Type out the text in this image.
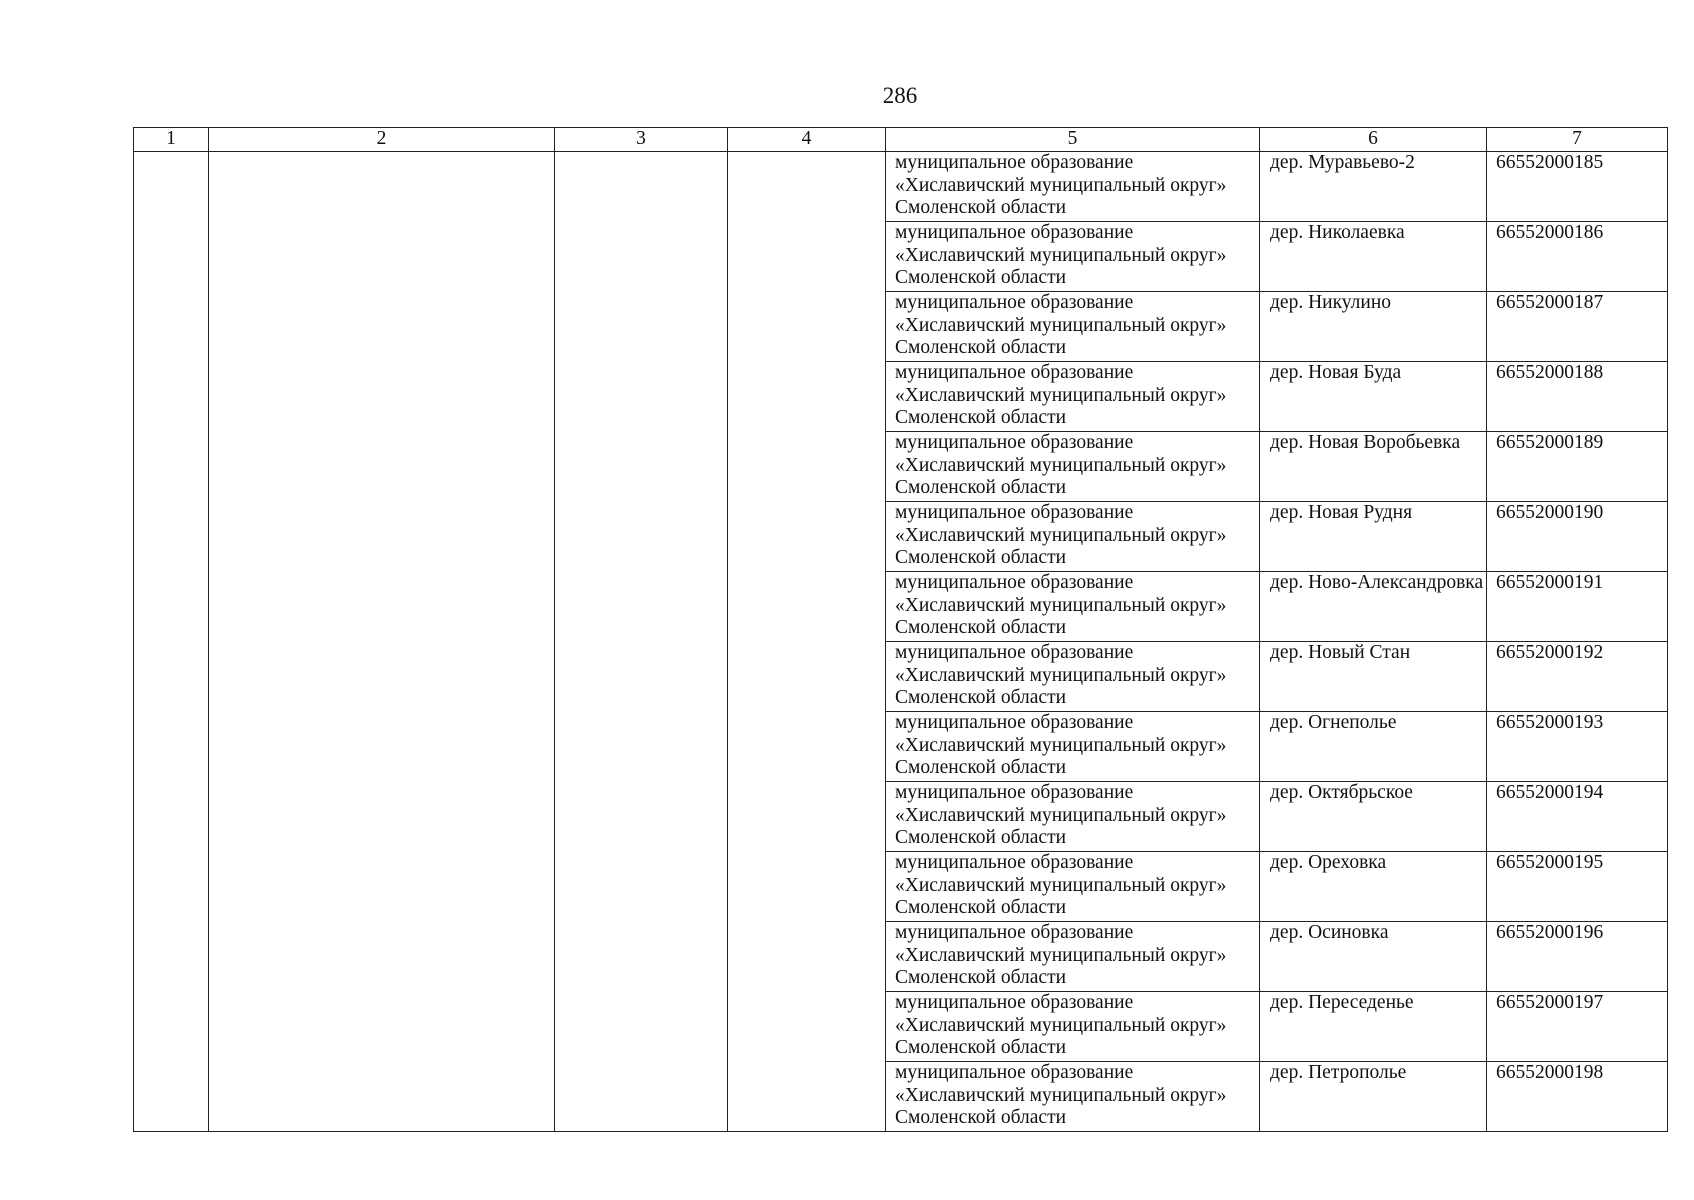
286
1	2	3	4	5	6	7
				муниципальное образование «Хиславичский муниципальный округ» Смоленской области	дер. Муравьево-2	66552000185
				муниципальное образование «Хиславичский муниципальный округ» Смоленской области	дер. Николаевка	66552000186
				муниципальное образование «Хиславичский муниципальный округ» Смоленской области	дер. Никулино	66552000187
				муниципальное образование «Хиславичский муниципальный округ» Смоленской области	дер. Новая Буда	66552000188
				муниципальное образование «Хиславичский муниципальный округ» Смоленской области	дер. Новая Воробьевка	66552000189
				муниципальное образование «Хиславичский муниципальный округ» Смоленской области	дер. Новая Рудня	66552000190
				муниципальное образование «Хиславичский муниципальный округ» Смоленской области	дер. Ново-Александровка	66552000191
				муниципальное образование «Хиславичский муниципальный округ» Смоленской области	дер. Новый Стан	66552000192
				муниципальное образование «Хиславичский муниципальный округ» Смоленской области	дер. Огнеполье	66552000193
				муниципальное образование «Хиславичский муниципальный округ» Смоленской области	дер. Октябрьское	66552000194
				муниципальное образование «Хиславичский муниципальный округ» Смоленской области	дер. Ореховка	66552000195
				муниципальное образование «Хиславичский муниципальный округ» Смоленской области	дер. Осиновка	66552000196
				муниципальное образование «Хиславичский муниципальный округ» Смоленской области	дер. Переседенье	66552000197
				муниципальное образование «Хиславичский муниципальный округ» Смоленской области	дер. Петрополье	66552000198
